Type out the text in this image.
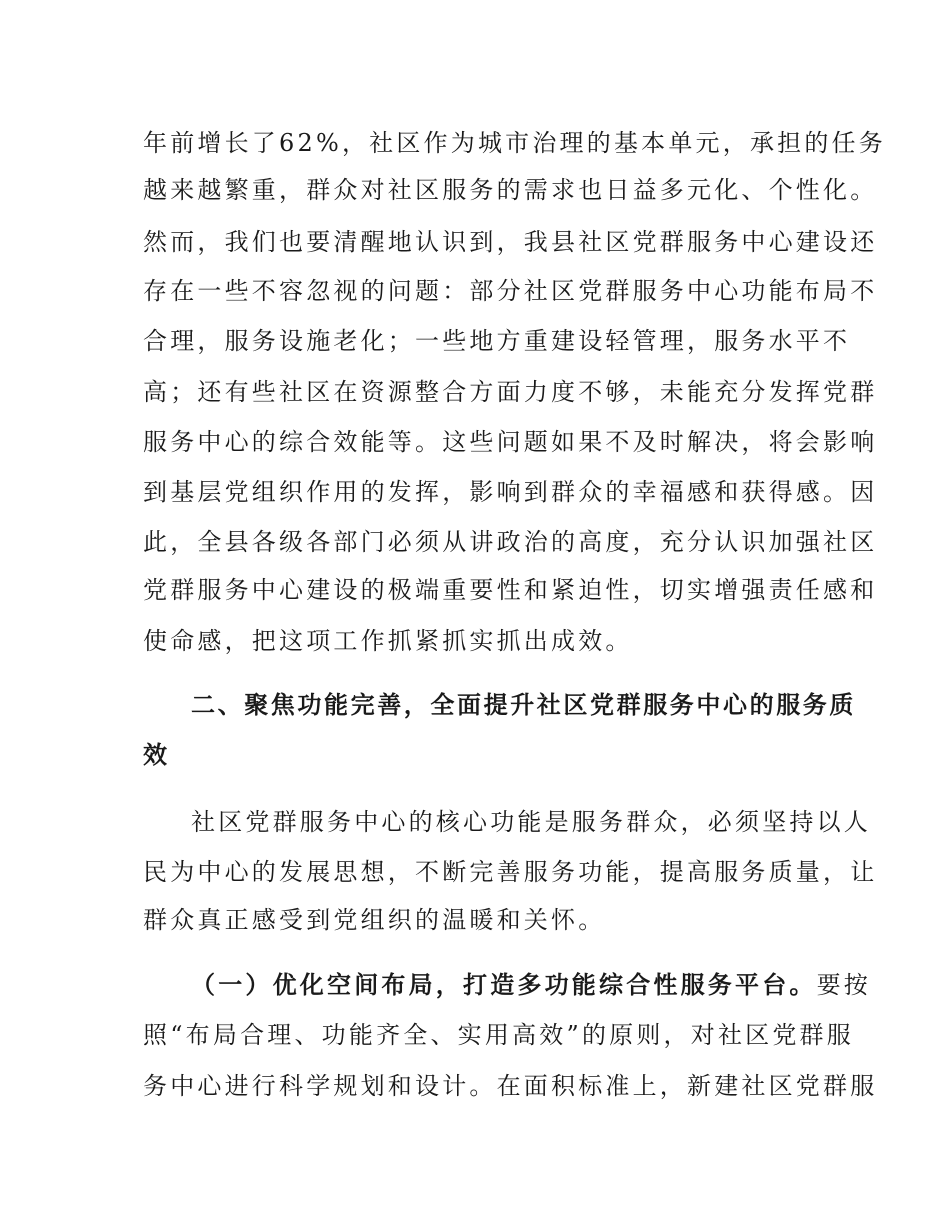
年前增长了62%，社区作为城市治理的基本单元，承担的任务
越来越繁重，群众对社区服务的需求也日益多元化、个性化。
然而，我们也要清醒地认识到，我县社区党群服务中心建设还
存在一些不容忽视的问题：部分社区党群服务中心功能布局不
合理，服务设施老化；一些地方重建设轻管理，服务水平不
高；还有些社区在资源整合方面力度不够，未能充分发挥党群
服务中心的综合效能等。这些问题如果不及时解决，将会影响
到基层党组织作用的发挥，影响到群众的幸福感和获得感。因
此，全县各级各部门必须从讲政治的高度，充分认识加强社区
党群服务中心建设的极端重要性和紧迫性，切实增强责任感和
使命感，把这项工作抓紧抓实抓出成效。
二、聚焦功能完善，全面提升社区党群服务中心的服务质
效
社区党群服务中心的核心功能是服务群众，必须坚持以人
民为中心的发展思想，不断完善服务功能，提高服务质量，让
群众真正感受到党组织的温暖和关怀。
（一）优化空间布局，打造多功能综合性服务平台。要按
照“布局合理、功能齐全、实用高效”的原则，对社区党群服
务中心进行科学规划和设计。在面积标准上，新建社区党群服
